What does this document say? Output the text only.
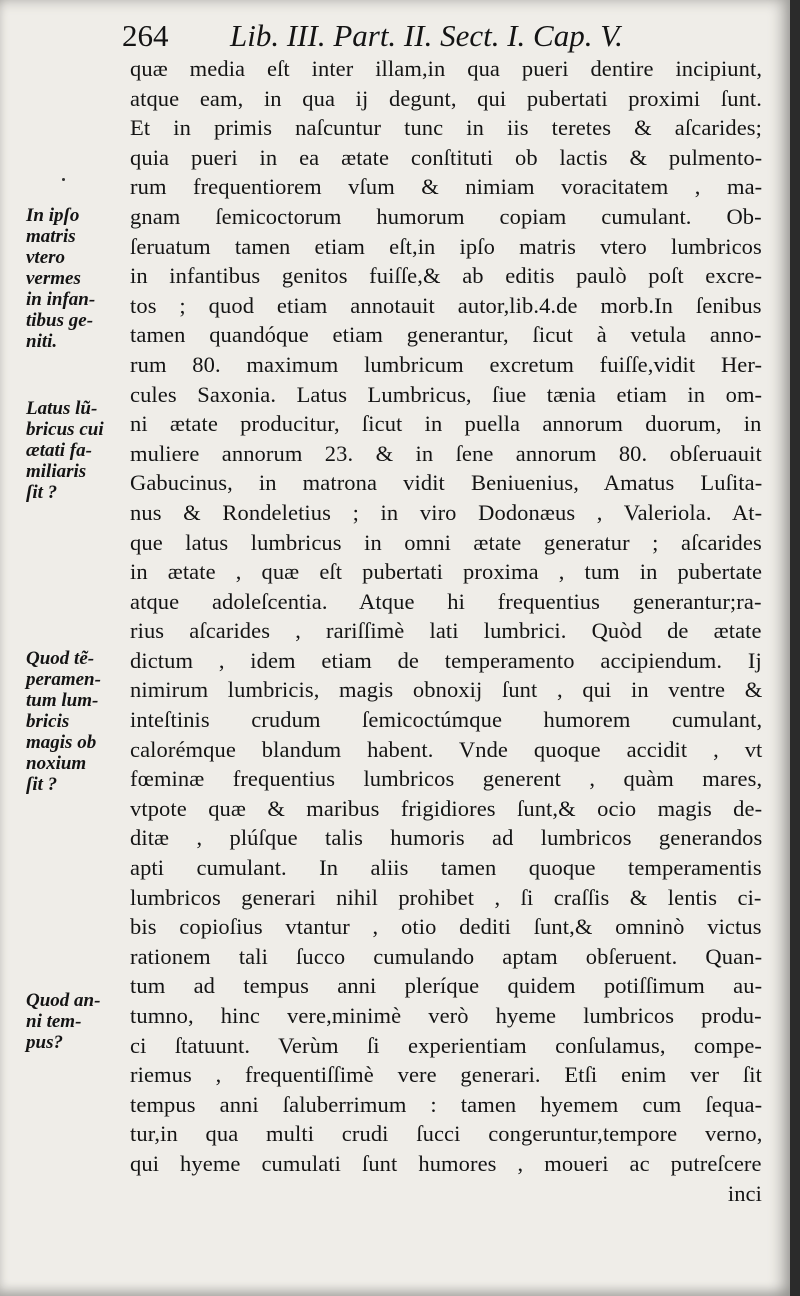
264 Lib. III. Part. II. Sect. I. Cap. V.
In ipſo
matris
vtero
vermes
in infan-
tibus ge-
niti.
Latus lũ-
bricus cui
ætati fa-
miliaris
ſit ?
Quod tẽ-
peramen-
tum lum-
bricis
magis ob
noxium
ſit ?
Quod an-
ni tem-
pus?
quæ media eſt inter illam,in qua pueri dentire incipiunt,
atque eam, in qua ij degunt, qui pubertati proximi ſunt.
Et in primis naſcuntur tunc in iis teretes & aſcarides;
quia pueri in ea ætate conſtituti ob lactis & pulmento-
rum frequentiorem vſum & nimiam voracitatem , ma-
gnam ſemicoctorum humorum copiam cumulant. Ob-
ſeruatum tamen etiam eſt,in ipſo matris vtero lumbricos
in infantibus genitos fuiſſe,& ab editis paulò poſt excre-
tos ; quod etiam annotauit autor,lib.4.de morb.In ſenibus
tamen quandóque etiam generantur, ſicut à vetula anno-
rum 80. maximum lumbricum excretum fuiſſe,vidit Her-
cules Saxonia. Latus Lumbricus, ſiue tænia etiam in om-
ni ætate producitur, ſicut in puella annorum duorum, in
muliere annorum 23. & in ſene annorum 80. obſeruauit
Gabucinus, in matrona vidit Beniuenius, Amatus Luſita-
nus & Rondeletius ; in viro Dodonæus , Valeriola. At-
que latus lumbricus in omni ætate generatur ; aſcarides
in ætate , quæ eſt pubertati proxima , tum in pubertate
atque adoleſcentia. Atque hi frequentius generantur;ra-
rius aſcarides , rariſſimè lati lumbrici. Quòd de ætate
dictum , idem etiam de temperamento accipiendum. Ij
nimirum lumbricis, magis obnoxij ſunt , qui in ventre &
inteſtinis crudum ſemicoctúmque humorem cumulant,
calorémque blandum habent. Vnde quoque accidit , vt
fœminæ frequentius lumbricos generent , quàm mares,
vtpote quæ & maribus frigidiores ſunt,& ocio magis de-
ditæ , plúſque talis humoris ad lumbricos generandos
apti cumulant. In aliis tamen quoque temperamentis
lumbricos generari nihil prohibet , ſi craſſis & lentis ci-
bis copioſius vtantur , otio dediti ſunt,& omninò victus
rationem tali ſucco cumulando aptam obſeruent. Quan-
tum ad tempus anni pleríque quidem potiſſimum au-
tumno, hinc vere,minimè verò hyeme lumbricos produ-
ci ſtatuunt. Verùm ſi experientiam conſulamus, compe-
riemus , frequentiſſimè vere generari. Etſi enim ver ſit
tempus anni ſaluberrimum : tamen hyemem cum ſequa-
tur,in qua multi crudi ſucci congeruntur,tempore verno,
qui hyeme cumulati ſunt humores , moueri ac putreſcere
inci
